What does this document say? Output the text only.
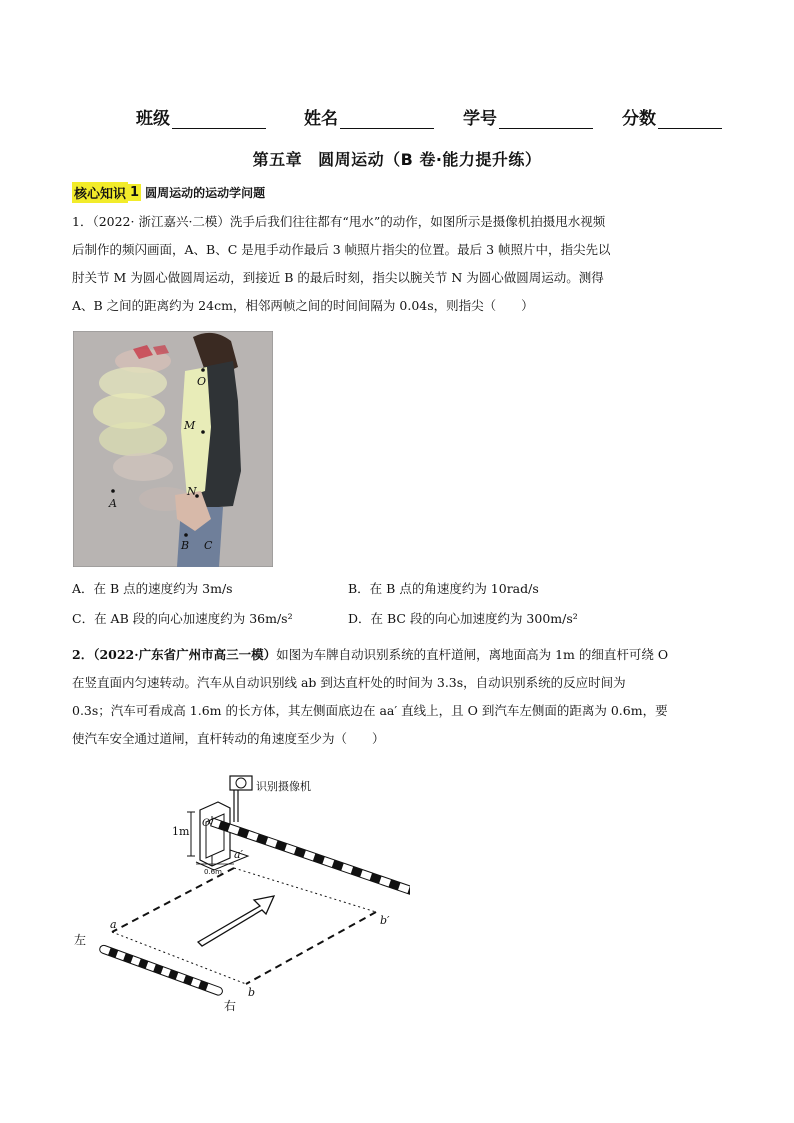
班级	姓名	学号	分数
第五章 圆周运动（B 卷·能力提升练）
核心知识 1 圆周运动的运动学问题

1．（2022· 浙江嘉兴·二模）洗手后我们往往都有“甩水”的动作，如图所示是摄像机拍摄甩水视频

后制作的频闪画面，A、B、C 是甩手动作最后 3 帧照片指尖的位置。最后 3 帧照片中，指尖先以

肘关节 M 为圆心做圆周运动，到接近 B 的最后时刻，指尖以腕关节 N 为圆心做圆周运动。测得

A、B 之间的距离约为 24cm，相邻两帧之间的时间间隔为 0.04s，则指尖（　　）

O
M
N
A
B C
A．在 B 点的速度约为 3m/s	B．在 B 点的角速度约为 10rad/s
C．在 AB 段的向心加速度约为 36m/s²	D．在 BC 段的向心加速度约为 300m/s²

2．（2022·广东省广州市高三一模）如图为车牌自动识别系统的直杆道闸，离地面高为 1m 的细直杆可绕 O

在竖直面内匀速转动。汽车从自动识别线 ab 到达直杆处的时间为 3.3s，自动识别系统的反应时间为

0.3s；汽车可看成高 1.6m 的长方体，其左侧面底边在 aa′ 直线上，且 O 到汽车左侧面的距离为 0.6m，要

使汽车安全通过道闸，直杆转动的角速度至少为（　　）

识别摄像机
O
1m
0.6m
a′
b′
a
b
左
右
